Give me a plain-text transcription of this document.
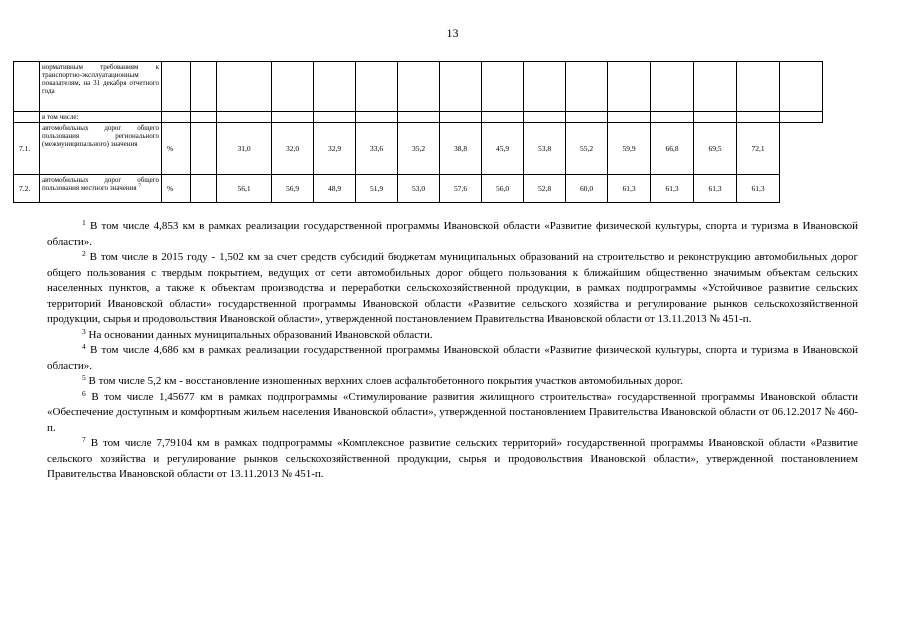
13
	нормативным требованиям к транспортно-эксплуатационным показателям, на 31 декабря отчетного года																
	в том числе:																
7.1.	автомобильных дорог общего пользования регионального (межмуниципального) значения	%		31,0	32,0	32,9	33,6	35,2	38,8	45,9	53,8	55,2	59,9	66,8	69,5	72,1	
7.2.	автомобильных дорог общего пользования местного значения $^7$	%		56,1	56,9	48,9	51,9	53,0	57,6	56,0	52,8	60,0	61,3	61,3	61,3	61,3	

$^1$ В том числе 4,853 км в рамках реализации государственной программы Ивановской области «Развитие физической культуры, спорта и туризма в Ивановской области».

$^2$ В том числе в 2015 году - 1,502 км за счет средств субсидий бюджетам муниципальных образований на строительство и реконструкцию автомобильных дорог общего пользования с твердым покрытием, ведущих от сети автомобильных дорог общего пользования к ближайшим общественно значимым объектам сельских населенных пунктов, а также к объектам производства и переработки сельскохозяйственной продукции, в рамках подпрограммы «Устойчивое развитие сельских территорий Ивановской области» государственной программы Ивановской области «Развитие сельского хозяйства и регулирование рынков сельскохозяйственной продукции, сырья и продовольствия Ивановской области», утвержденной постановлением Правительства Ивановской области от 13.11.2013 № 451-п.

$^3$ На основании данных муниципальных образований Ивановской области.

$^4$ В том числе 4,686 км в рамках реализации государственной программы Ивановской области «Развитие физической культуры, спорта и туризма в Ивановской области».

$^5$ В том числе 5,2 км - восстановление изношенных верхних слоев асфальтобетонного покрытия участков автомобильных дорог.

$^6$ В том числе 1,45677 км в рамках подпрограммы «Стимулирование развития жилищного строительства» государственной программы Ивановской области «Обеспечение доступным и комфортным жильем населения Ивановской области», утвержденной постановлением Правительства Ивановской области от 06.12.2017 № 460-п.

$^7$ В том числе 7,79104 км в рамках подпрограммы «Комплексное развитие сельских территорий» государственной программы Ивановской области «Развитие сельского хозяйства и регулирование рынков сельскохозяйственной продукции, сырья и продовольствия Ивановской области», утвержденной постановлением Правительства Ивановской области от 13.11.2013 № 451-п.
